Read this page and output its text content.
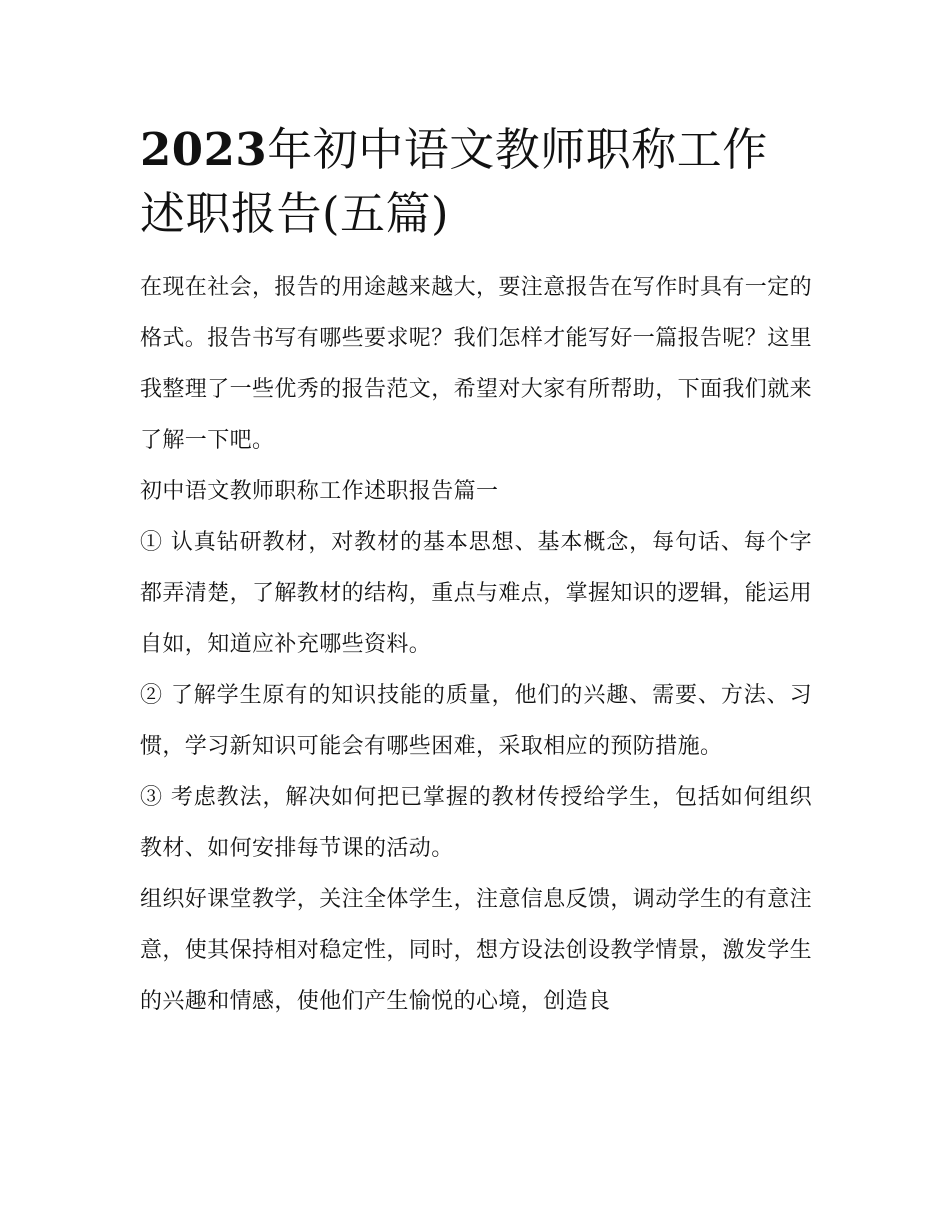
2023年初中语文教师职称工作述职报告(五篇)

在现在社会，报告的用途越来越大，要注意报告在写作时具有一定的格式。报告书写有哪些要求呢？我们怎样才能写好一篇报告呢？这里我整理了一些优秀的报告范文，希望对大家有所帮助，下面我们就来了解一下吧。

初中语文教师职称工作述职报告篇一

① 认真钻研教材，对教材的基本思想、基本概念，每句话、每个字都弄清楚，了解教材的结构，重点与难点，掌握知识的逻辑，能运用自如，知道应补充哪些资料。

② 了解学生原有的知识技能的质量，他们的兴趣、需要、方法、习惯，学习新知识可能会有哪些困难，采取相应的预防措施。

③ 考虑教法，解决如何把已掌握的教材传授给学生，包括如何组织教材、如何安排每节课的活动。

组织好课堂教学，关注全体学生，注意信息反馈，调动学生的有意注意，使其保持相对稳定性，同时，想方设法创设教学情景，激发学生的兴趣和情感，使他们产生愉悦的心境，创造良
